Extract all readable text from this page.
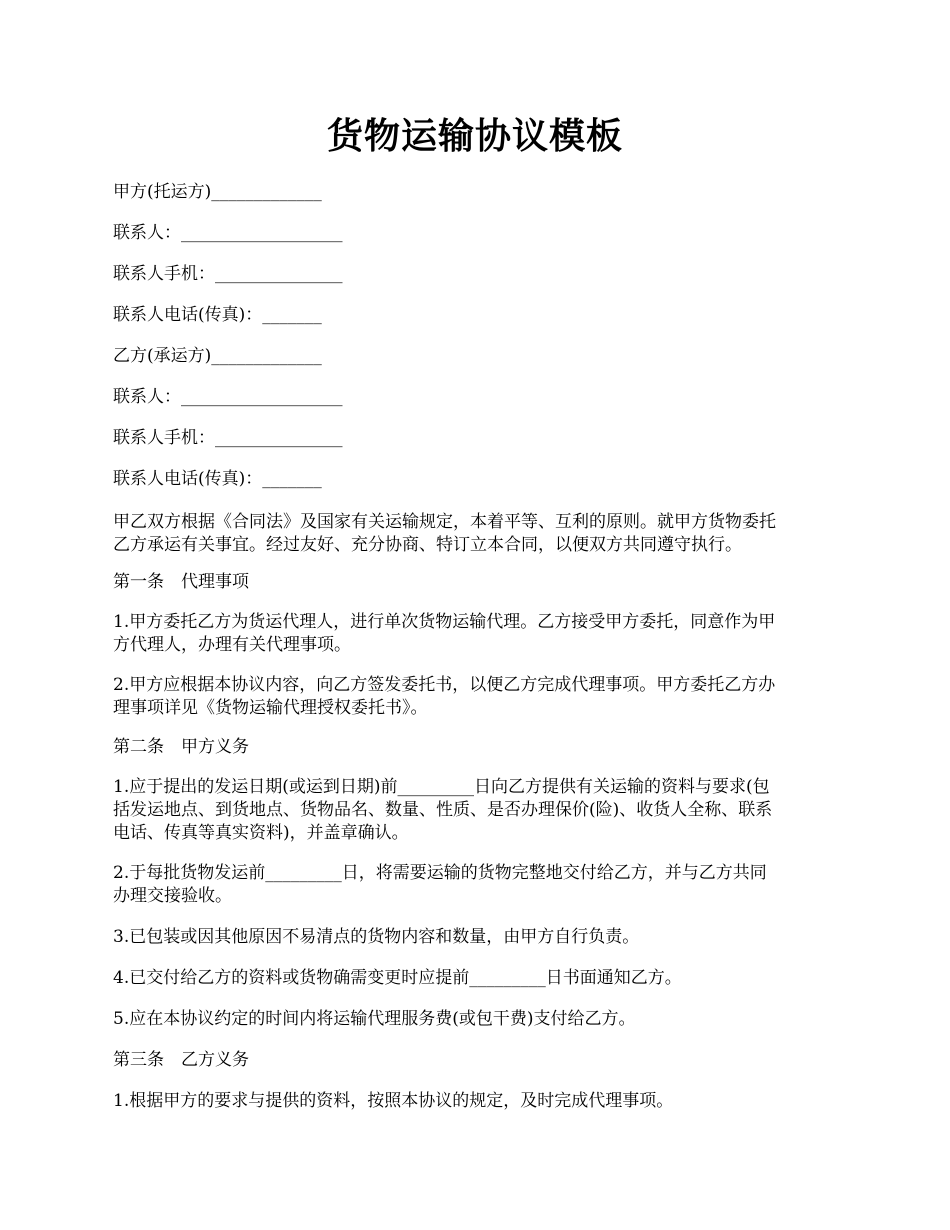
货物运输协议模板
甲方(托运方)_____________
联系人：___________________
联系人手机：_______________
联系人电话(传真)：_______
乙方(承运方)_____________
联系人：___________________
联系人手机：_______________
联系人电话(传真)：_______
甲乙双方根据《合同法》及国家有关运输规定，本着平等、互利的原则。就甲方货物委托
乙方承运有关事宜。经过友好、充分协商、特订立本合同，以便双方共同遵守执行。
第一条　代理事项
1.甲方委托乙方为货运代理人，进行单次货物运输代理。乙方接受甲方委托，同意作为甲
方代理人，办理有关代理事项。
2.甲方应根据本协议内容，向乙方签发委托书，以便乙方完成代理事项。甲方委托乙方办
理事项详见《货物运输代理授权委托书》。
第二条　甲方义务
1.应于提出的发运日期(或运到日期)前_________日向乙方提供有关运输的资料与要求(包
括发运地点、到货地点、货物品名、数量、性质、是否办理保价(险)、收货人全称、联系
电话、传真等真实资料)，并盖章确认。
2.于每批货物发运前_________日，将需要运输的货物完整地交付给乙方，并与乙方共同
办理交接验收。
3.已包装或因其他原因不易清点的货物内容和数量，由甲方自行负责。
4.已交付给乙方的资料或货物确需变更时应提前_________日书面通知乙方。
5.应在本协议约定的时间内将运输代理服务费(或包干费)支付给乙方。
第三条　乙方义务
1.根据甲方的要求与提供的资料，按照本协议的规定，及时完成代理事项。
